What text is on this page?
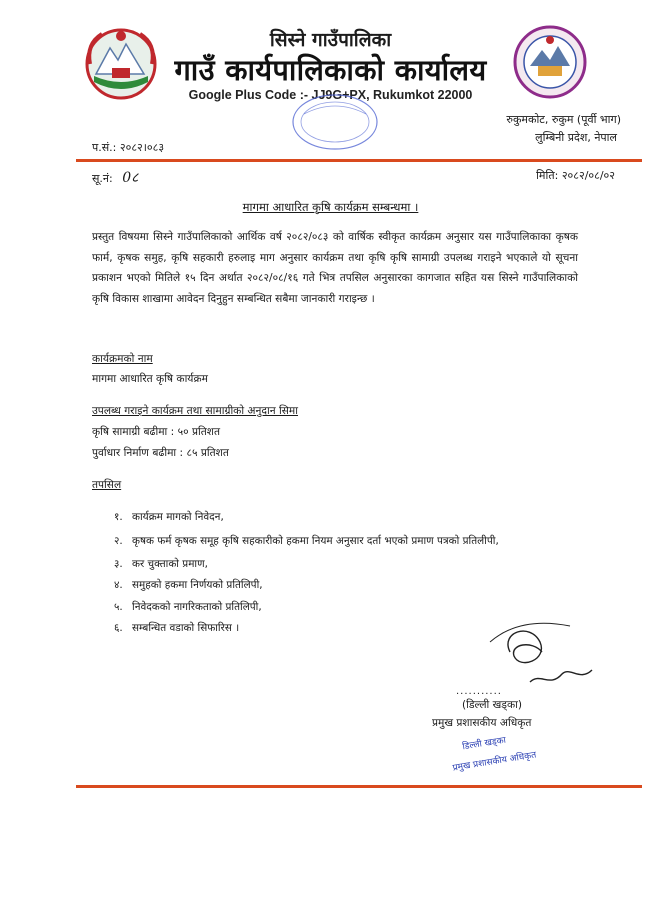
सिस्ने गाउँपालिका
गाउँ कार्यपालिकाको कार्यालय
Google Plus Code :- JJ9G+PX, Rukumkot 22000
रुकुमकोट, रुकुम (पूर्वी भाग)
लुम्बिनी प्रदेश, नेपाल
प.सं.: २०८२।०८३
सू.नं: 0८	मिति: २०८२/०८/०२
मागमा आधारित कृषि कार्यक्रम सम्बन्धमा ।
प्रस्तुत विषयमा सिस्ने गाउँपालिकाको आर्थिक वर्ष २०८२/०८३ को वार्षिक स्वीकृत कार्यक्रम अनुसार यस गाउँपालिकाका कृषक फार्म, कृषक समुह, कृषि सहकारी हरुलाइ माग अनुसार कार्यक्रम तथा कृषि कृषि सामाग्री उपलब्ध गराइने भएकाले यो सूचना प्रकाशन भएको मितिले १५ दिन अर्थात २०८२/०८/१६ गते भित्र तपसिल अनुसारका कागजात सहित यस सिस्ने गाउँपालिकाको कृषि विकास शाखामा आवेदन दिनुहुन सम्बन्धित सबैमा जानकारी गराइन्छ ।
कार्यक्रमको नाम
मागमा आधारित कृषि कार्यक्रम
उपलब्ध गराइने कार्यक्रम तथा सामाग्रीको अनुदान सिमा
कृषि सामाग्री बढीमा : ५० प्रतिशत
पुर्वाधार निर्माण बढीमा : ८५ प्रतिशत
तपसिल
१. कार्यक्रम मागको निवेदन,
२. कृषक फर्म कृषक समूह कृषि सहकारीको हकमा नियम अनुसार दर्ता भएको प्रमाण पत्रको प्रतिलीपी,
३. कर चुक्ताको प्रमाण,
४. समुहको हकमा निर्णयको प्रतिलिपी,
५. निवेदकको नागरिकताको प्रतिलिपी,
६. सम्बन्धित वडाको सिफारिस ।
...........
(डिल्ली खड्का)
प्रमुख प्रशासकीय अधिकृत
डिल्ली खड्का
प्रमुख प्रशासकीय अधिकृत
